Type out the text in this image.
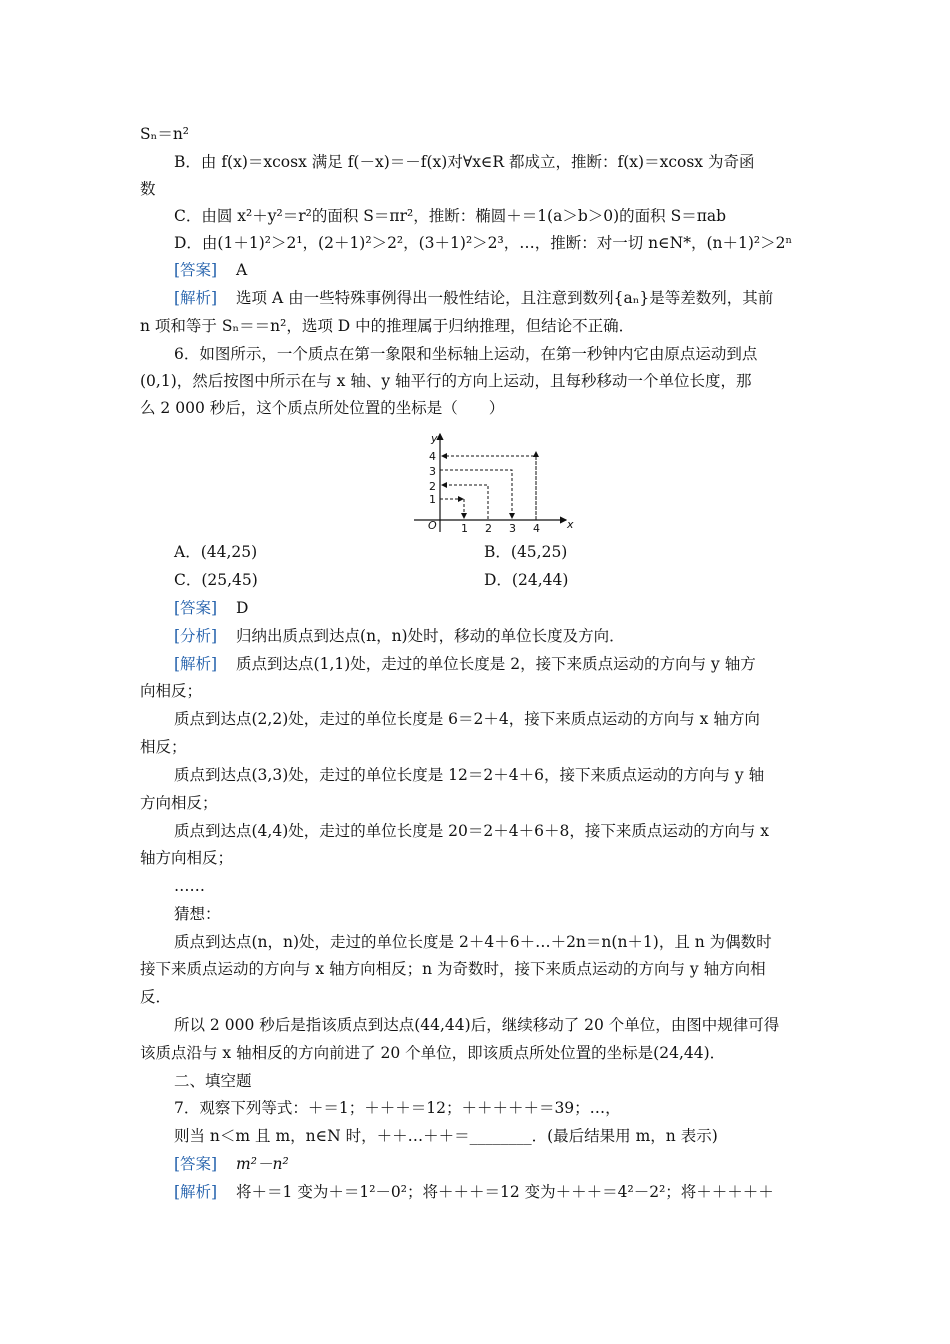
Sₙ＝n²
B．由 f(x)＝xcosx 满足 f(－x)＝－f(x)对∀x∈R 都成立，推断：f(x)＝xcosx 为奇函
数
C．由圆 x²＋y²＝r²的面积 S＝πr²，推断：椭圆＋＝1(a＞b＞0)的面积 S＝πab
D．由(1＋1)²＞2¹，(2＋1)²＞2²，(3＋1)²＞2³，…，推断：对一切 n∈N*，(n＋1)²＞2ⁿ
[答案] A
[解析] 选项 A 由一些特殊事例得出一般性结论，且注意到数列{aₙ}是等差数列，其前
n 项和等于 Sₙ＝＝n²，选项 D 中的推理属于归纳推理，但结论不正确．
6．如图所示，一个质点在第一象限和坐标轴上运动，在第一秒钟内它由原点运动到点
(0,1)，然后按图中所示在与 x 轴、y 轴平行的方向上运动，且每秒移动一个单位长度，那
么 2 000 秒后，这个质点所处位置的坐标是（　　）
x
y
O 1 2 3 4
1
2
3
4
A．(44,25)	B．(45,25)
C．(25,45)	D．(24,44)
[答案] D
[分析] 归纳出质点到达点(n，n)处时，移动的单位长度及方向．
[解析] 质点到达点(1,1)处，走过的单位长度是 2，接下来质点运动的方向与 y 轴方
向相反；
质点到达点(2,2)处，走过的单位长度是 6＝2＋4，接下来质点运动的方向与 x 轴方向
相反；
质点到达点(3,3)处，走过的单位长度是 12＝2＋4＋6，接下来质点运动的方向与 y 轴
方向相反；
质点到达点(4,4)处，走过的单位长度是 20＝2＋4＋6＋8，接下来质点运动的方向与 x
轴方向相反；
……
猜想：
质点到达点(n，n)处，走过的单位长度是 2＋4＋6＋…＋2n＝n(n＋1)，且 n 为偶数时
接下来质点运动的方向与 x 轴方向相反；n 为奇数时，接下来质点运动的方向与 y 轴方向相
反．
所以 2 000 秒后是指该质点到达点(44,44)后，继续移动了 20 个单位，由图中规律可得
该质点沿与 x 轴相反的方向前进了 20 个单位，即该质点所处位置的坐标是(24,44)．
二、填空题
7．观察下列等式：＋＝1；＋＋＋＝12；＋＋＋＋＋＝39；…，
则当 n＜m 且 m，n∈N 时，＋＋…＋＋＝________．(最后结果用 m，n 表示)
[答案] m²－n²
[解析] 将＋＝1 变为＋＝1²－0²；将＋＋＋＝12 变为＋＋＋＝4²－2²；将＋＋＋＋＋
